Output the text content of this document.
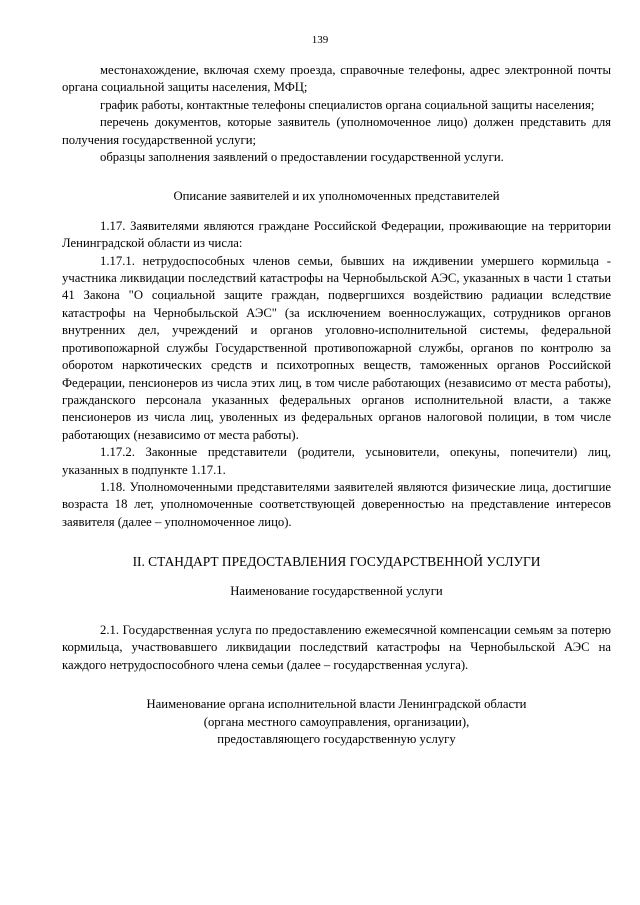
139

местонахождение, включая схему проезда, справочные телефоны, адрес электронной почты органа социальной защиты населения, МФЦ;

график работы, контактные телефоны специалистов органа социальной защиты населения;

перечень документов, которые заявитель (уполномоченное лицо) должен представить для получения государственной услуги;

образцы заполнения заявлений о предоставлении государственной услуги.

Описание заявителей и их уполномоченных представителей

1.17. Заявителями являются граждане Российской Федерации, проживающие на территории Ленинградской области из числа:

1.17.1. нетрудоспособных членов семьи, бывших на иждивении умершего кормильца - участника ликвидации последствий катастрофы на Чернобыльской АЭС, указанных в части 1 статьи 41 Закона "О социальной защите граждан, подвергшихся воздействию радиации вследствие катастрофы на Чернобыльской АЭС" (за исключением военнослужащих, сотрудников органов внутренних дел, учреждений и органов уголовно-исполнительной системы, федеральной противопожарной службы Государственной противопожарной службы, органов по контролю за оборотом наркотических средств и психотропных веществ, таможенных органов Российской Федерации, пенсионеров из числа этих лиц, в том числе работающих (независимо от места работы), гражданского персонала указанных федеральных органов исполнительной власти, а также пенсионеров из числа лиц, уволенных из федеральных органов налоговой полиции, в том числе работающих (независимо от места работы).

1.17.2. Законные представители (родители, усыновители, опекуны, попечители) лиц, указанных в подпункте 1.17.1.

1.18. Уполномоченными представителями заявителей являются физические лица, достигшие возраста 18 лет, уполномоченные соответствующей доверенностью на представление интересов заявителя (далее – уполномоченное лицо).

II. СТАНДАРТ ПРЕДОСТАВЛЕНИЯ ГОСУДАРСТВЕННОЙ УСЛУГИ

Наименование государственной услуги

2.1. Государственная услуга по предоставлению ежемесячной компенсации семьям за потерю кормильца, участвовавшего ликвидации последствий катастрофы на Чернобыльской АЭС на каждого нетрудоспособного члена семьи (далее – государственная услуга).

Наименование органа исполнительной власти Ленинградской области

(органа местного самоуправления, организации),

предоставляющего государственную услугу
